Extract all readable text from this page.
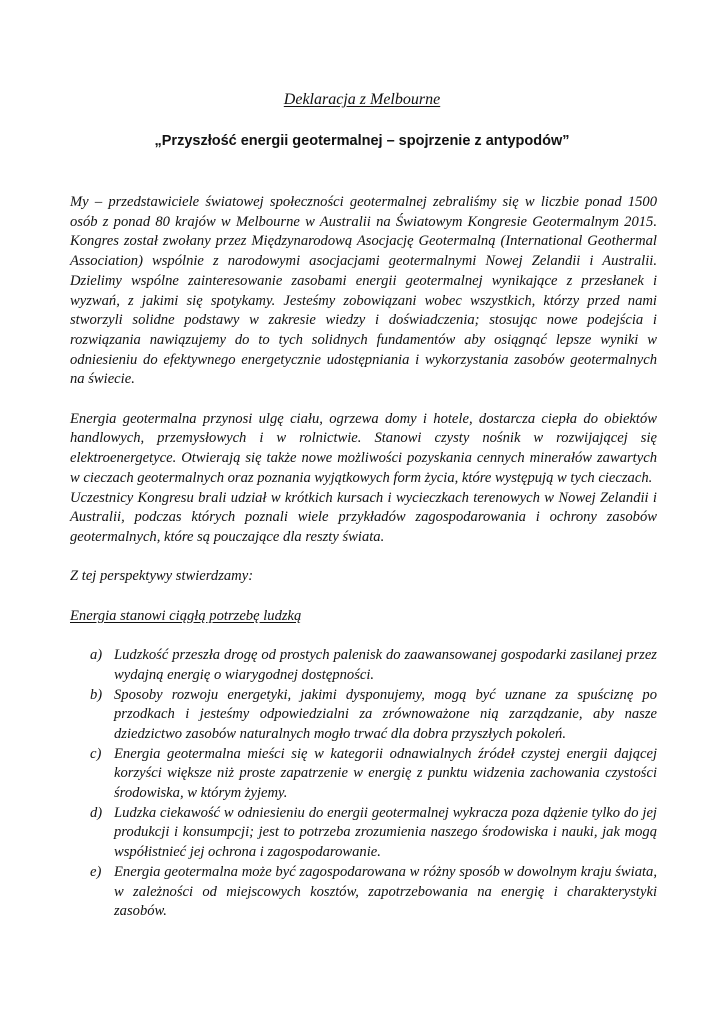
Deklaracja z Melbourne
„Przyszłość energii geotermalnej – spojrzenie z antypodów”

My – przedstawiciele światowej społeczności geotermalnej zebraliśmy się w liczbie ponad 1500 osób z ponad 80 krajów w Melbourne w Australii na Światowym Kongresie Geotermalnym 2015. Kongres został zwołany przez Międzynarodową Asocjację Geotermalną (International Geothermal Association) wspólnie z narodowymi asocjacjami geotermalnymi Nowej Zelandii i Australii. Dzielimy wspólne zainteresowanie zasobami energii geotermalnej wynikające z przesłanek i wyzwań, z jakimi się spotykamy. Jesteśmy zobowiązani wobec wszystkich, którzy przed nami stworzyli solidne podstawy w zakresie wiedzy i doświadczenia; stosując nowe podejścia i rozwiązania nawiązujemy do to tych solidnych fundamentów aby osiągnąć lepsze wyniki w odniesieniu do efektywnego energetycznie udostępniania i wykorzystania zasobów geotermalnych na świecie.

Energia geotermalna przynosi ulgę ciału, ogrzewa domy i hotele, dostarcza ciepła do obiektów handlowych, przemysłowych i w rolnictwie. Stanowi czysty nośnik w rozwijającej się elektroenergetyce. Otwierają się także nowe możliwości pozyskania cennych minerałów zawartych w cieczach geotermalnych oraz poznania wyjątkowych form życia, które występują w tych cieczach.

Uczestnicy Kongresu brali udział w krótkich kursach i wycieczkach terenowych w Nowej Zelandii i Australii, podczas których poznali wiele przykładów zagospodarowania i ochrony zasobów geotermalnych, które są pouczające dla reszty świata.

Z tej perspektywy stwierdzamy:

Energia stanowi ciągłą potrzebę ludzką

a) Ludzkość przeszła drogę od prostych palenisk do zaawansowanej gospodarki zasilanej przez wydajną energię o wiarygodnej dostępności.
b) Sposoby rozwoju energetyki, jakimi dysponujemy, mogą być uznane za spuściznę po przodkach i jesteśmy odpowiedzialni za zrównoważone nią zarządzanie, aby nasze dziedzictwo zasobów naturalnych mogło trwać dla dobra przyszłych pokoleń.
c) Energia geotermalna mieści się w kategorii odnawialnych źródeł czystej energii dającej korzyści większe niż proste zapatrzenie w energię z punktu widzenia zachowania czystości środowiska, w którym żyjemy.
d) Ludzka ciekawość w odniesieniu do energii geotermalnej wykracza poza dążenie tylko do jej produkcji i konsumpcji; jest to potrzeba zrozumienia naszego środowiska i nauki, jak mogą współistnieć jej ochrona i zagospodarowanie.
e) Energia geotermalna może być zagospodarowana w różny sposób w dowolnym kraju świata, w zależności od miejscowych kosztów, zapotrzebowania na energię i charakterystyki zasobów.
